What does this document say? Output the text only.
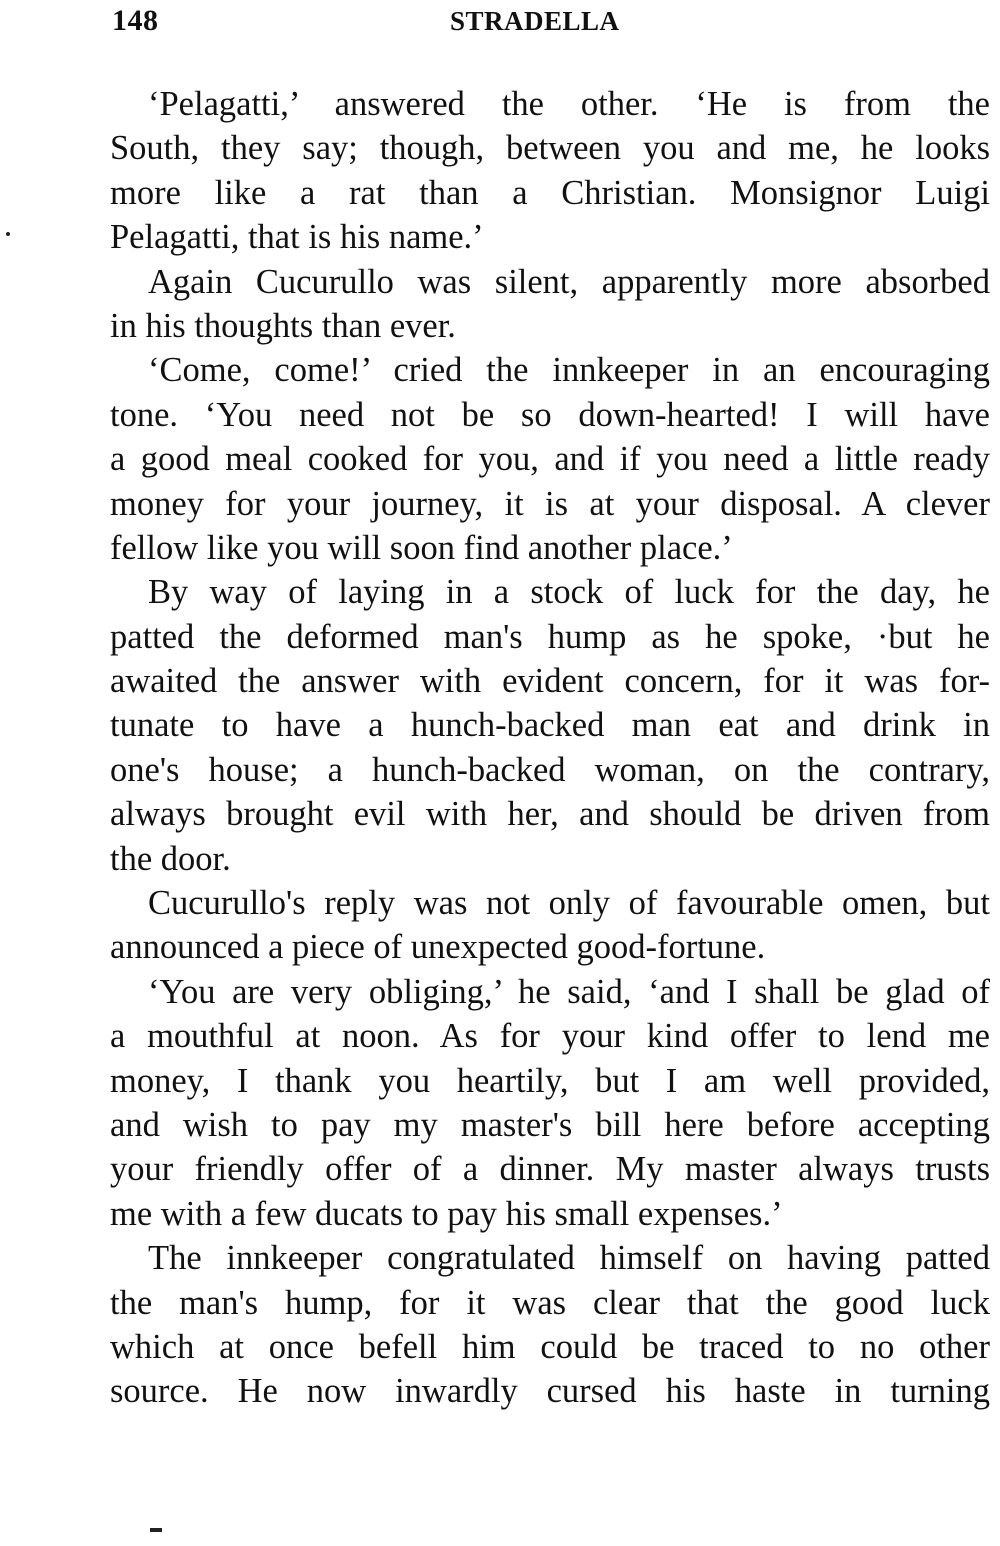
148	STRADELLA
‘Pelagatti,’ answered the other. ‘He is from the
South, they say; though, between you and me, he looks
more like a rat than a Christian. Monsignor Luigi
Pelagatti, that is his name.’
Again Cucurullo was silent, apparently more absorbed
in his thoughts than ever.
‘Come, come!’ cried the innkeeper in an encouraging
tone. ‘You need not be so down-hearted! I will have
a good meal cooked for you, and if you need a little ready
money for your journey, it is at your disposal. A clever
fellow like you will soon find another place.’
By way of laying in a stock of luck for the day, he
patted the deformed man's hump as he spoke, ·but he
awaited the answer with evident concern, for it was for-
tunate to have a hunch-backed man eat and drink in
one's house; a hunch-backed woman, on the contrary,
always brought evil with her, and should be driven from
the door.
Cucurullo's reply was not only of favourable omen, but
announced a piece of unexpected good-fortune.
‘You are very obliging,’ he said, ‘and I shall be glad of
a mouthful at noon. As for your kind offer to lend me
money, I thank you heartily, but I am well provided,
and wish to pay my master's bill here before accepting
your friendly offer of a dinner. My master always trusts
me with a few ducats to pay his small expenses.’
The innkeeper congratulated himself on having patted
the man's hump, for it was clear that the good luck
which at once befell him could be traced to no other
source. He now inwardly cursed his haste in turning
